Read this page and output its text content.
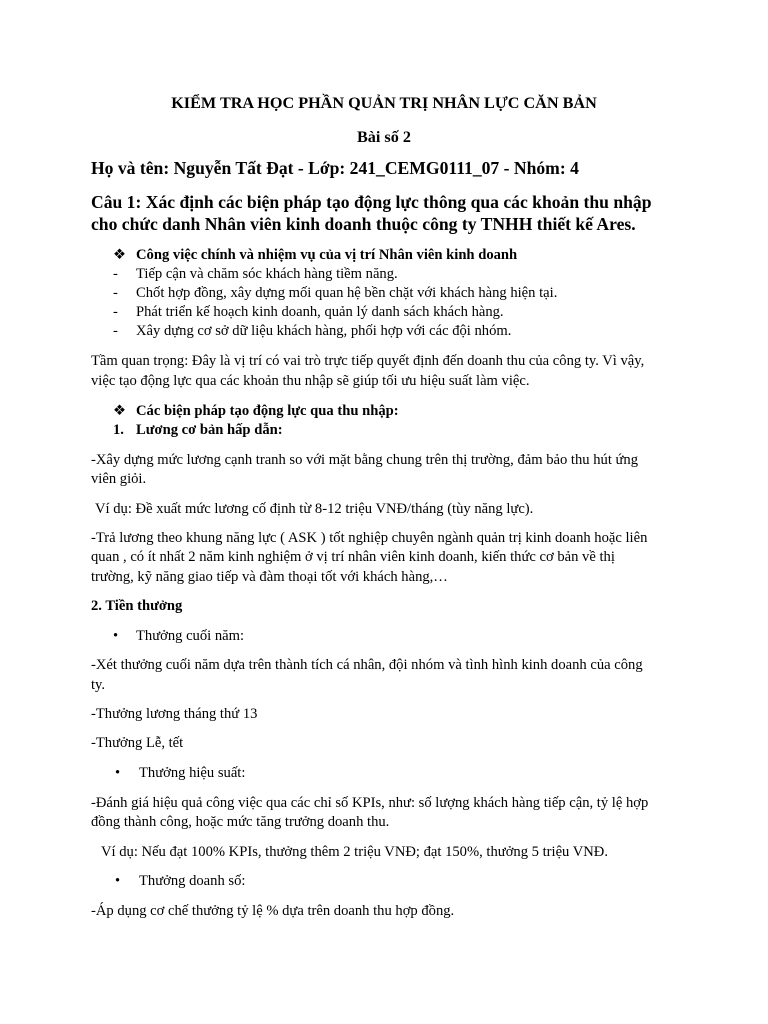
KIỂM TRA HỌC PHẦN QUẢN TRỊ NHÂN LỰC CĂN BẢN
Bài số 2
Họ và tên: Nguyễn Tất Đạt - Lớp: 241_CEMG0111_07 - Nhóm: 4
Câu 1: Xác định các biện pháp tạo động lực thông qua các khoản thu nhập
cho chức danh Nhân viên kinh doanh thuộc công ty TNHH thiết kế Ares.
❖ Công việc chính và nhiệm vụ của vị trí Nhân viên kinh doanh
- Tiếp cận và chăm sóc khách hàng tiềm năng.
- Chốt hợp đồng, xây dựng mối quan hệ bền chặt với khách hàng hiện tại.
- Phát triển kế hoạch kinh doanh, quản lý danh sách khách hàng.
- Xây dựng cơ sở dữ liệu khách hàng, phối hợp với các đội nhóm.
Tầm quan trọng: Đây là vị trí có vai trò trực tiếp quyết định đến doanh thu của công ty. Vì vậy,
việc tạo động lực qua các khoản thu nhập sẽ giúp tối ưu hiệu suất làm việc.
❖ Các biện pháp tạo động lực qua thu nhập:
1. Lương cơ bản hấp dẫn:
-Xây dựng mức lương cạnh tranh so với mặt bằng chung trên thị trường, đảm bảo thu hút ứng
viên giỏi.
Ví dụ: Đề xuất mức lương cố định từ 8-12 triệu VNĐ/tháng (tùy năng lực).
-Trả lương theo khung năng lực ( ASK ) tốt nghiệp chuyên ngành quản trị kinh doanh hoặc liên
quan , có ít nhất 2 năm kinh nghiệm ở vị trí nhân viên kinh doanh, kiến thức cơ bản về thị
trường, kỹ năng giao tiếp và đàm thoại tốt với khách hàng,…
2. Tiền thưởng
• Thưởng cuối năm:
-Xét thưởng cuối năm dựa trên thành tích cá nhân, đội nhóm và tình hình kinh doanh của công
ty.
-Thưởng lương tháng thứ 13
-Thưởng Lễ, tết
• Thưởng hiệu suất:
-Đánh giá hiệu quả công việc qua các chỉ số KPIs, như: số lượng khách hàng tiếp cận, tỷ lệ hợp
đồng thành công, hoặc mức tăng trưởng doanh thu.
Ví dụ: Nếu đạt 100% KPIs, thưởng thêm 2 triệu VNĐ; đạt 150%, thưởng 5 triệu VNĐ.
• Thưởng doanh số:
-Áp dụng cơ chế thưởng tỷ lệ % dựa trên doanh thu hợp đồng.
